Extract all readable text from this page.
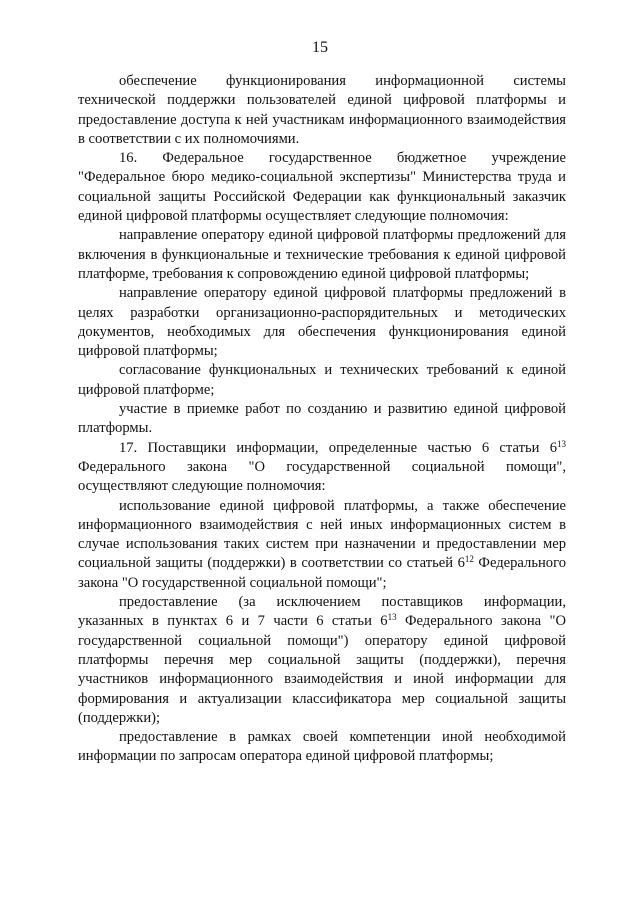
15

обеспечение функционирования информационной системы технической поддержки пользователей единой цифровой платформы и предоставление доступа к ней участникам информационного взаимодействия в соответствии с их полномочиями.

16. Федеральное государственное бюджетное учреждение "Федеральное бюро медико-социальной экспертизы" Министерства труда и социальной защиты Российской Федерации как функциональный заказчик единой цифровой платформы осуществляет следующие полномочия:

направление оператору единой цифровой платформы предложений для включения в функциональные и технические требования к единой цифровой платформе, требования к сопровождению единой цифровой платформы;

направление оператору единой цифровой платформы предложений в целях разработки организационно-распорядительных и методических документов, необходимых для обеспечения функционирования единой цифровой платформы;

согласование функциональных и технических требований к единой цифровой платформе;

участие в приемке работ по созданию и развитию единой цифровой платформы.

17. Поставщики информации, определенные частью 6 статьи $6^{13}$ Федерального закона "О государственной социальной помощи", осуществляют следующие полномочия:

использование единой цифровой платформы, а также обеспечение информационного взаимодействия с ней иных информационных систем в случае использования таких систем при назначении и предоставлении мер социальной защиты (поддержки) в соответствии со статьей $6^{12}$ Федерального закона "О государственной социальной помощи";

предоставление (за исключением поставщиков информации, указанных в пунктах 6 и 7 части 6 статьи $6^{13}$ Федерального закона "О государственной социальной помощи") оператору единой цифровой платформы перечня мер социальной защиты (поддержки), перечня участников информационного взаимодействия и иной информации для формирования и актуализации классификатора мер социальной защиты (поддержки);

предоставление в рамках своей компетенции иной необходимой информации по запросам оператора единой цифровой платформы;
